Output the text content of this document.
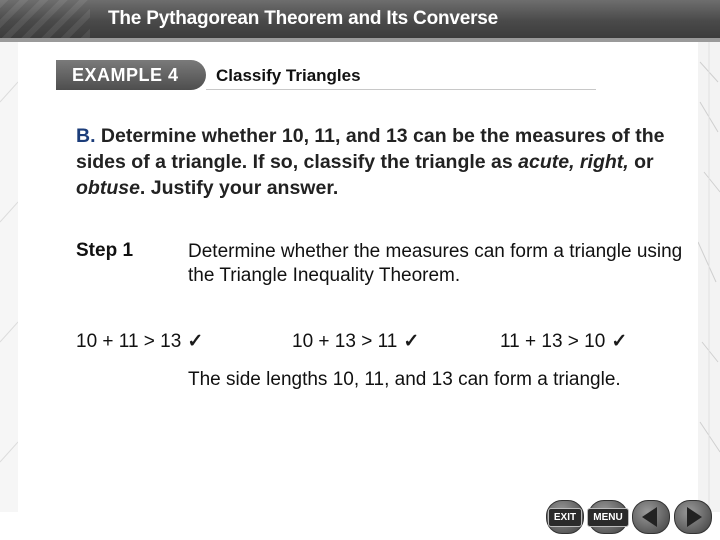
The Pythagorean Theorem and Its Converse
EXAMPLE 4	Classify Triangles
B. Determine whether 10, 11, and 13 can be the measures of the sides of a triangle. If so, classify the triangle as acute, right, or obtuse. Justify your answer.
Step 1	Determine whether the measures can form a triangle using the Triangle Inequality Theorem.
10 + 11 > 13 ✓	10 + 13 > 11 ✓	11 + 13 > 10 ✓
The side lengths 10, 11, and 13 can form a triangle.
EXIT	MENU
